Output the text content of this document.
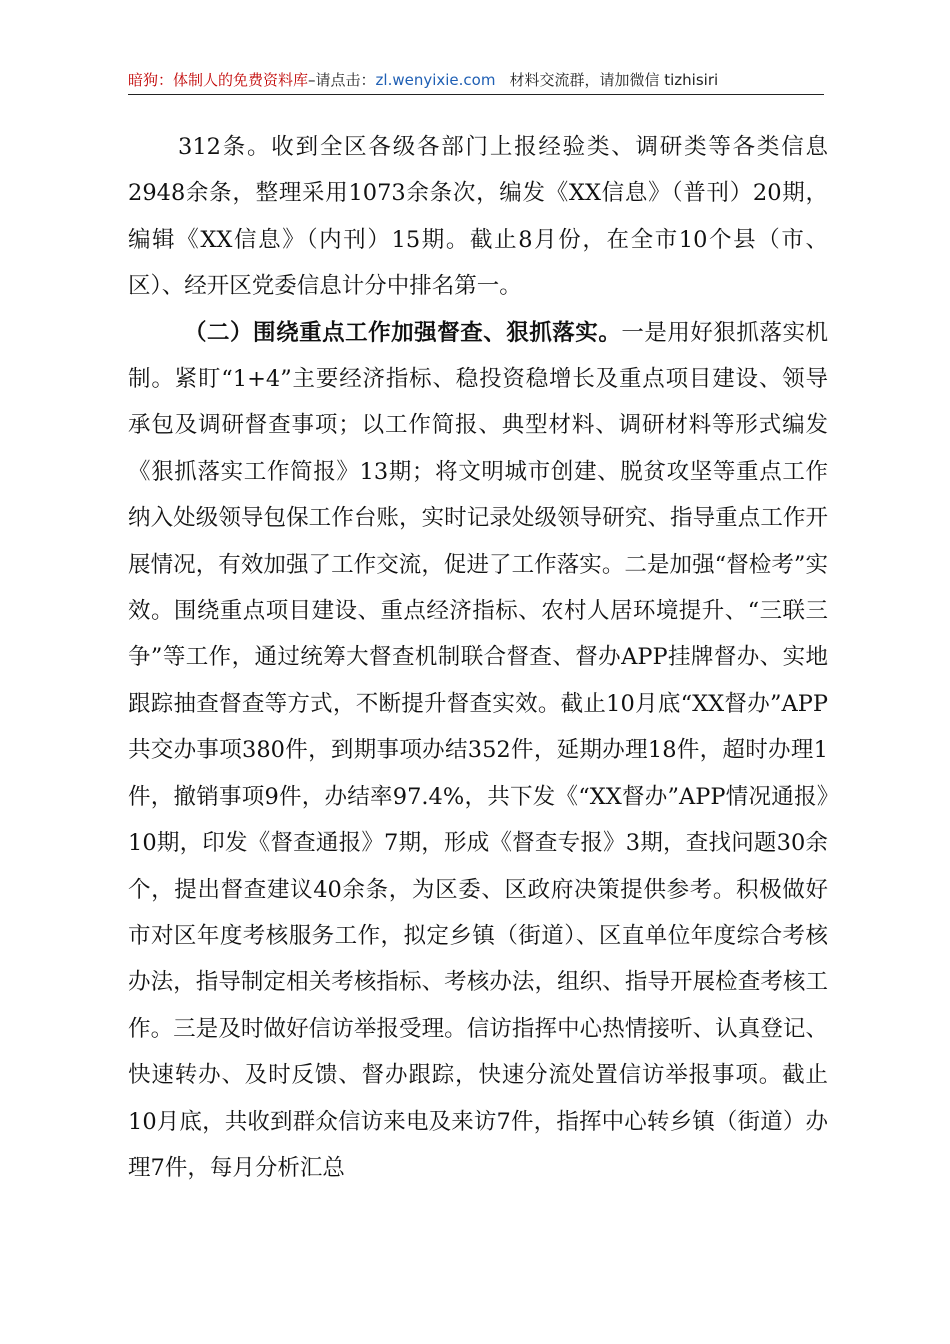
暗狗：体制人的免费资料库–请点击：zl.wenyixie.com 材料交流群，请加微信 tizhisiri

312条。收到全区各级各部门上报经验类、调研类等各类信息2948余条，整理采用1073余条次，编发《XX信息》（普刊）20期，编辑《XX信息》（内刊）15期。截止8月份，在全市10个县（市、区）、经开区党委信息计分中排名第一。

（二）围绕重点工作加强督查、狠抓落实。一是用好狠抓落实机制。紧盯“1+4”主要经济指标、稳投资稳增长及重点项目建设、领导承包及调研督查事项；以工作简报、典型材料、调研材料等形式编发《狠抓落实工作简报》13期；将文明城市创建、脱贫攻坚等重点工作纳入处级领导包保工作台账，实时记录处级领导研究、指导重点工作开展情况，有效加强了工作交流，促进了工作落实。二是加强“督检考”实效。围绕重点项目建设、重点经济指标、农村人居环境提升、“三联三争”等工作，通过统筹大督查机制联合督查、督办APP挂牌督办、实地跟踪抽查督查等方式，不断提升督查实效。截止10月底“XX督办”APP共交办事项380件，到期事项办结352件，延期办理18件，超时办理1件，撤销事项9件，办结率97.4%，共下发《“XX督办”APP情况通报》10期，印发《督查通报》7期，形成《督查专报》3期，查找问题30余个，提出督查建议40余条，为区委、区政府决策提供参考。积极做好市对区年度考核服务工作，拟定乡镇（街道）、区直单位年度综合考核办法，指导制定相关考核指标、考核办法，组织、指导开展检查考核工作。三是及时做好信访举报受理。信访指挥中心热情接听、认真登记、快速转办、及时反馈、督办跟踪，快速分流处置信访举报事项。截止10月底，共收到群众信访来电及来访7件，指挥中心转乡镇（街道）办理7件，每月分析汇总
